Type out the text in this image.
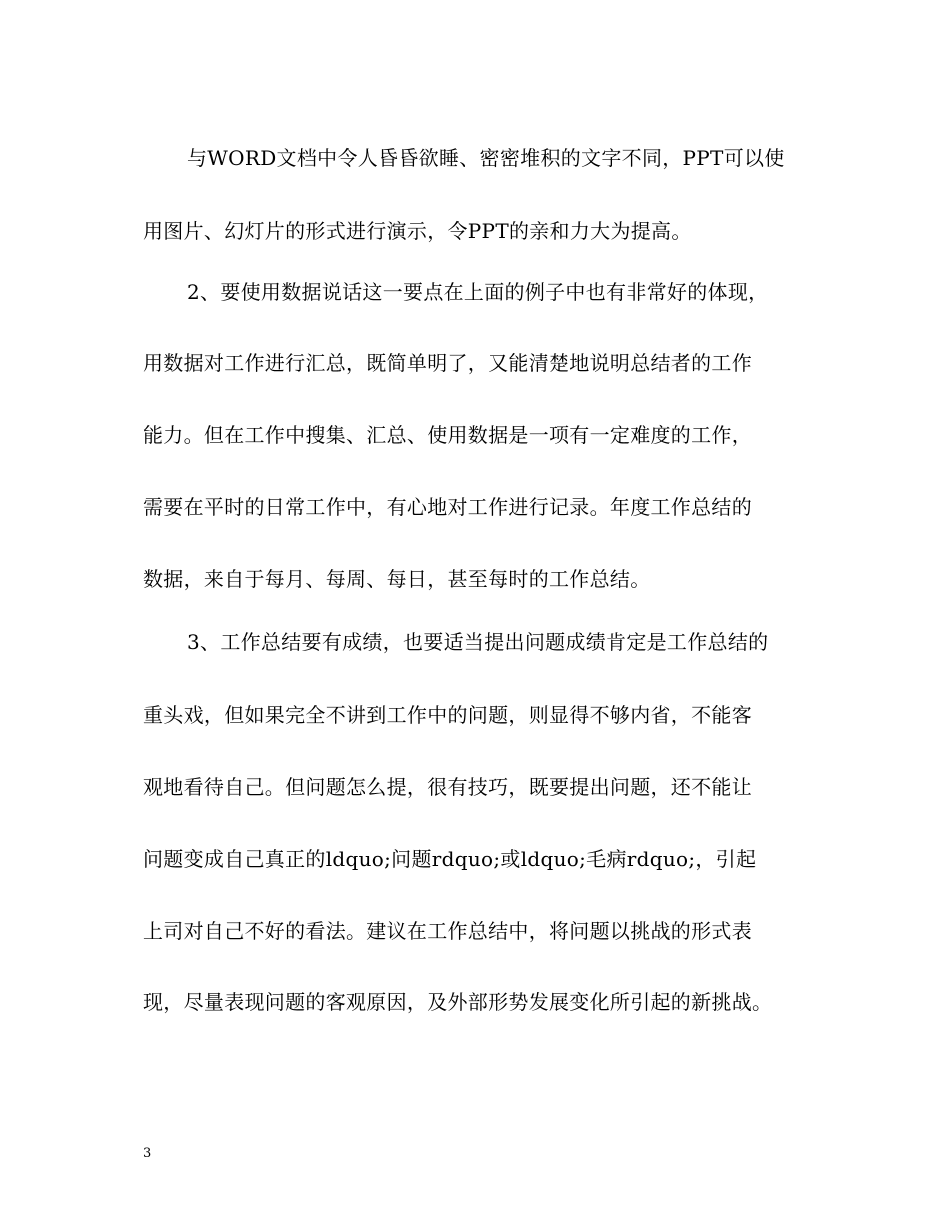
与WORD文档中令人昏昏欲睡、密密堆积的文字不同，PPT可以使
用图片、幻灯片的形式进行演示，令PPT的亲和力大为提高。
2、要使用数据说话这一要点在上面的例子中也有非常好的体现，
用数据对工作进行汇总，既简单明了，又能清楚地说明总结者的工作
能力。但在工作中搜集、汇总、使用数据是一项有一定难度的工作，
需要在平时的日常工作中，有心地对工作进行记录。年度工作总结的
数据，来自于每月、每周、每日，甚至每时的工作总结。
3、工作总结要有成绩，也要适当提出问题成绩肯定是工作总结的
重头戏，但如果完全不讲到工作中的问题，则显得不够内省，不能客
观地看待自己。但问题怎么提，很有技巧，既要提出问题，还不能让
问题变成自己真正的ldquo;问题rdquo;或ldquo;毛病rdquo;，引起
上司对自己不好的看法。建议在工作总结中，将问题以挑战的形式表
现，尽量表现问题的客观原因，及外部形势发展变化所引起的新挑战。
3
